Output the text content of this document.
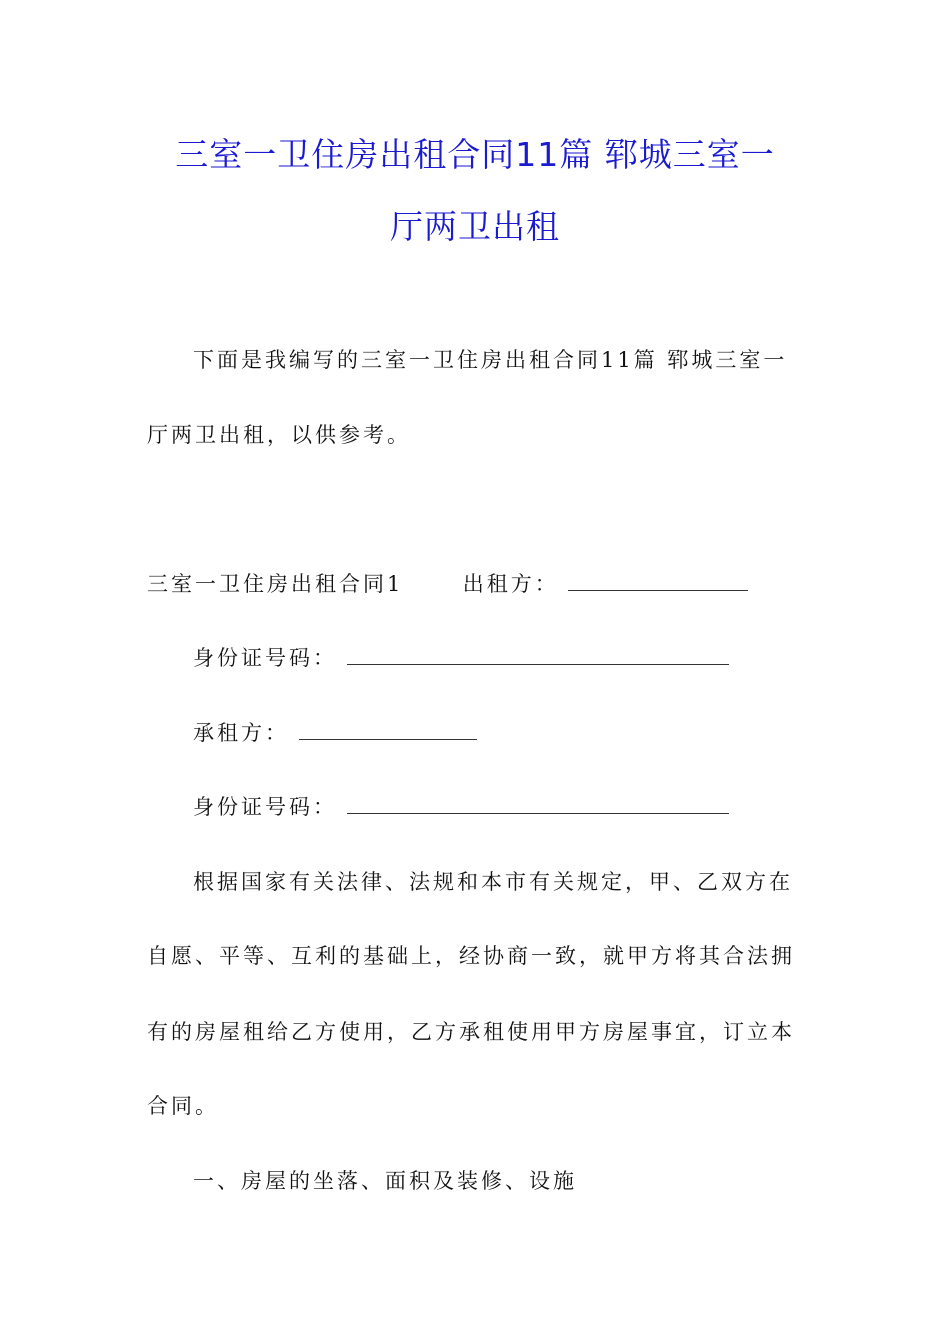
三室一卫住房出租合同11篇 郓城三室一
厅两卫出租
下面是我编写的三室一卫住房出租合同11篇 郓城三室一
厅两卫出租，以供参考。
三室一卫住房出租合同1	出租方：
身份证号码：
承租方：
身份证号码：
根据国家有关法律、法规和本市有关规定，甲、乙双方在
自愿、平等、互利的基础上，经协商一致，就甲方将其合法拥
有的房屋租给乙方使用，乙方承租使用甲方房屋事宜，订立本
合同。
一、房屋的坐落、面积及装修、设施
